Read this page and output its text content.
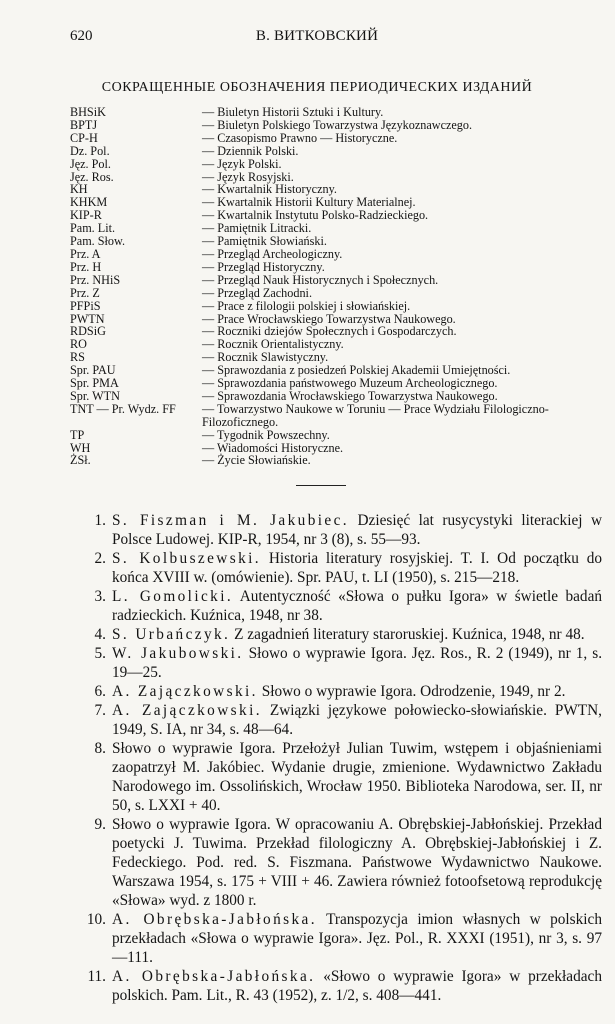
620	В. ВИТКОВСКИЙ
СОКРАЩЕННЫЕ ОБОЗНАЧЕНИЯ ПЕРИОДИЧЕСКИХ ИЗДАНИЙ
BHSiK	— Biuletyn Historii Sztuki i Kultury.
BPTJ	— Biuletyn Polskiego Towarzystwa Językoznawczego.
CP-H	— Czasopismo Prawno — Historyczne.
Dz. Pol.	— Dziennik Polski.
Jęz. Pol.	— Język Polski.
Jęz. Ros.	— Język Rosyjski.
KH	— Kwartalnik Historyczny.
KHKM	— Kwartalnik Historii Kultury Materialnej.
KIP-R	— Kwartalnik Instytutu Polsko-Radzieckiego.
Pam. Lit.	— Pamiętnik Litracki.
Pam. Słow.	— Pamiętnik Słowiański.
Prz. A	— Przegląd Archeologiczny.
Prz. H	— Przegląd Historyczny.
Prz. NHiS	— Przegląd Nauk Historycznych i Społecznych.
Prz. Z	— Przegląd Zachodni.
PFPiS	— Prace z filologii polskiej i słowiańskiej.
PWTN	— Prace Wrocławskiego Towarzystwa Naukowego.
RDSiG	— Roczniki dziejów Społecznych i Gospodarczych.
RO	— Rocznik Orientalistyczny.
RS	— Rocznik Slawistyczny.
Spr. PAU	— Sprawozdania z posiedzeń Polskiej Akademii Umiejętności.
Spr. PMA	— Sprawozdania państwowego Muzeum Archeologicznego.
Spr. WTN	— Sprawozdania Wrocławskiego Towarzystwa Naukowego.
TNT — Pr. Wydz. FF	— Towarzystwo Naukowe w Toruniu — Prace Wydziału Filologiczno-Filozoficznego.
TP	— Tygodnik Powszechny.
WH	— Wiadomości Historyczne.
ŻSł.	— Życie Słowiańskie.
1. S. Fiszman i M. Jakubiec. Dziesięć lat rusycystyki literackiej w Polsce Ludowej. KIP-R, 1954, nr 3 (8), s. 55—93.
2. S. Kolbuszewski. Historia literatury rosyjskiej. T. I. Od początku do końca XVIII w. (omówienie). Spr. PAU, t. LI (1950), s. 215—218.
3. L. Gomolicki. Autentyczność «Słowa o pułku Igora» w świetle badań radzieckich. Kuźnica, 1948, nr 38.
4. S. Urbańczyk. Z zagadnień literatury staroruskiej. Kuźnica, 1948, nr 48.
5. W. Jakubowski. Słowo o wyprawie Igora. Jęz. Ros., R. 2 (1949), nr 1, s. 19—25.
6. A. Zajączkowski. Słowo o wyprawie Igora. Odrodzenie, 1949, nr 2.
7. A. Zajączkowski. Związki językowe połowiecko-słowiańskie. PWTN, 1949, S. IA, nr 34, s. 48—64.
8. Słowo o wyprawie Igora. Przełożył Julian Tuwim, wstępem i objaśnieniami zaopatrzył M. Jakóbiec. Wydanie drugie, zmienione. Wydawnictwo Zakładu Narodowego im. Ossolińskich, Wrocław 1950. Biblioteka Narodowa, ser. II, nr 50, s. LXXI + 40.
9. Słowo o wyprawie Igora. W opracowaniu A. Obrębskiej-Jabłońskiej. Przekład poetycki J. Tuwima. Przekład filologiczny A. Obrębskiej-Jabłońskiej i Z. Fedeckiego. Pod. red. S. Fiszmana. Państwowe Wydawnictwo Naukowe. Warszawa 1954, s. 175 + VIII + 46. Zawiera również fotoofsetową reprodukcję «Słowa» wyd. z 1800 r.
10. A. Obrębska-Jabłońska. Transpozycja imion własnych w polskich przekładach «Słowa o wyprawie Igora». Jęz. Pol., R. XXXI (1951), nr 3, s. 97—111.
11. A. Obrębska-Jabłońska. «Słowo o wyprawie Igora» w przekładach polskich. Pam. Lit., R. 43 (1952), z. 1/2, s. 408—441.
